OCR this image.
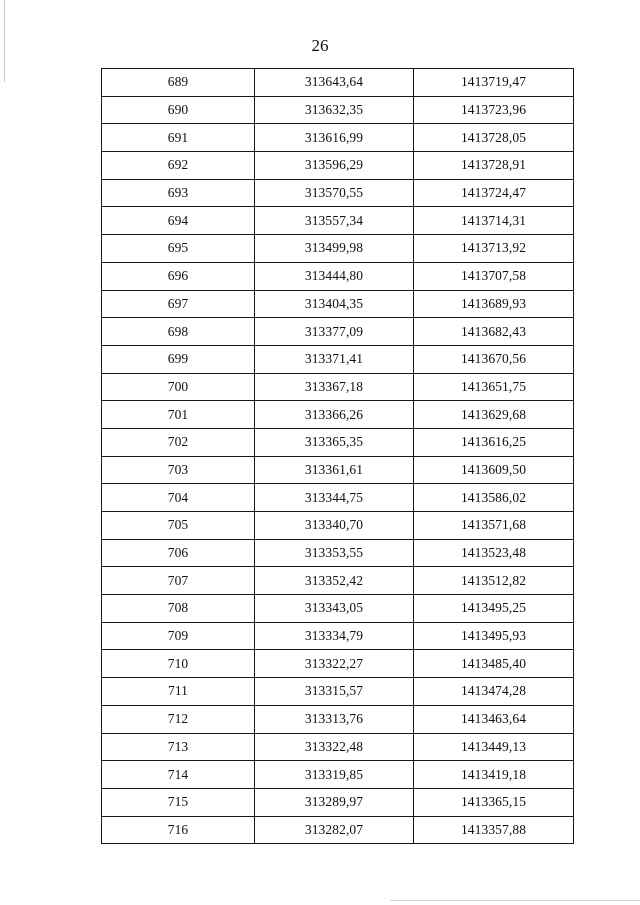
26
689	313643,64	1413719,47
690	313632,35	1413723,96
691	313616,99	1413728,05
692	313596,29	1413728,91
693	313570,55	1413724,47
694	313557,34	1413714,31
695	313499,98	1413713,92
696	313444,80	1413707,58
697	313404,35	1413689,93
698	313377,09	1413682,43
699	313371,41	1413670,56
700	313367,18	1413651,75
701	313366,26	1413629,68
702	313365,35	1413616,25
703	313361,61	1413609,50
704	313344,75	1413586,02
705	313340,70	1413571,68
706	313353,55	1413523,48
707	313352,42	1413512,82
708	313343,05	1413495,25
709	313334,79	1413495,93
710	313322,27	1413485,40
711	313315,57	1413474,28
712	313313,76	1413463,64
713	313322,48	1413449,13
714	313319,85	1413419,18
715	313289,97	1413365,15
716	313282,07	1413357,88
